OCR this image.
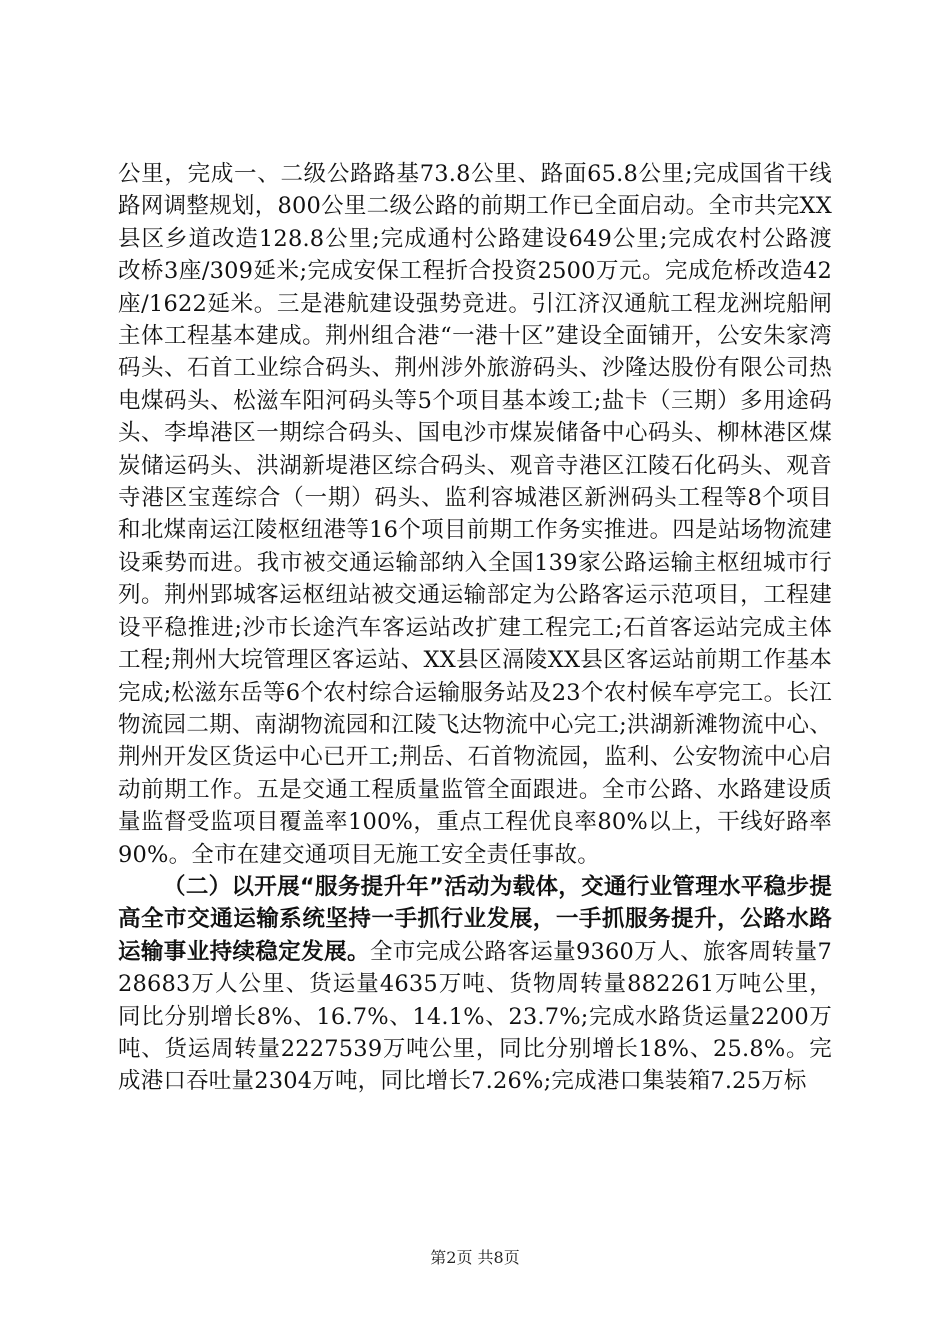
公里，完成一、二级公路路基73.8公里、路面65.8公里;完成国省干线路网调整规划，800公里二级公路的前期工作已全面启动。全市共完XX县区乡道改造128.8公里;完成通村公路建设649公里;完成农村公路渡改桥3座/309延米;完成安保工程折合投资2500万元。完成危桥改造42座/1622延米。三是港航建设强势竞进。引江济汉通航工程龙洲垸船闸主体工程基本建成。荆州组合港“一港十区”建设全面铺开，公安朱家湾码头、石首工业综合码头、荆州涉外旅游码头、沙隆达股份有限公司热电煤码头、松滋车阳河码头等5个项目基本竣工;盐卡（三期）多用途码头、李埠港区一期综合码头、国电沙市煤炭储备中心码头、柳林港区煤炭储运码头、洪湖新堤港区综合码头、观音寺港区江陵石化码头、观音寺港区宝莲综合（一期）码头、监利容城港区新洲码头工程等8个项目和北煤南运江陵枢纽港等16个项目前期工作务实推进。四是站场物流建设乘势而进。我市被交通运输部纳入全国139家公路运输主枢纽城市行列。荆州郢城客运枢纽站被交通运输部定为公路客运示范项目，工程建设平稳推进;沙市长途汽车客运站改扩建工程完工;石首客运站完成主体工程;荆州大垸管理区客运站、XX县区滆陵XX县区客运站前期工作基本完成;松滋东岳等6个农村综合运输服务站及23个农村候车亭完工。长江物流园二期、南湖物流园和江陵飞达物流中心完工;洪湖新滩物流中心、荆州开发区货运中心已开工;荆岳、石首物流园，监利、公安物流中心启动前期工作。五是交通工程质量监管全面跟进。全市公路、水路建设质量监督受监项目覆盖率100%，重点工程优良率80%以上，干线好路率90%。全市在建交通项目无施工安全责任事故。

（二）以开展“服务提升年”活动为载体，交通行业管理水平稳步提高全市交通运输系统坚持一手抓行业发展，一手抓服务提升，公路水路运输事业持续稳定发展。全市完成公路客运量9360万人、旅客周转量728683万人公里、货运量4635万吨、货物周转量882261万吨公里，同比分别增长8%、16.7%、14.1%、23.7%;完成水路货运量2200万吨、货运周转量2227539万吨公里，同比分别增长18%、25.8%。完成港口吞吐量2304万吨，同比增长7.26%;完成港口集装箱7.25万标

第2页 共8页
